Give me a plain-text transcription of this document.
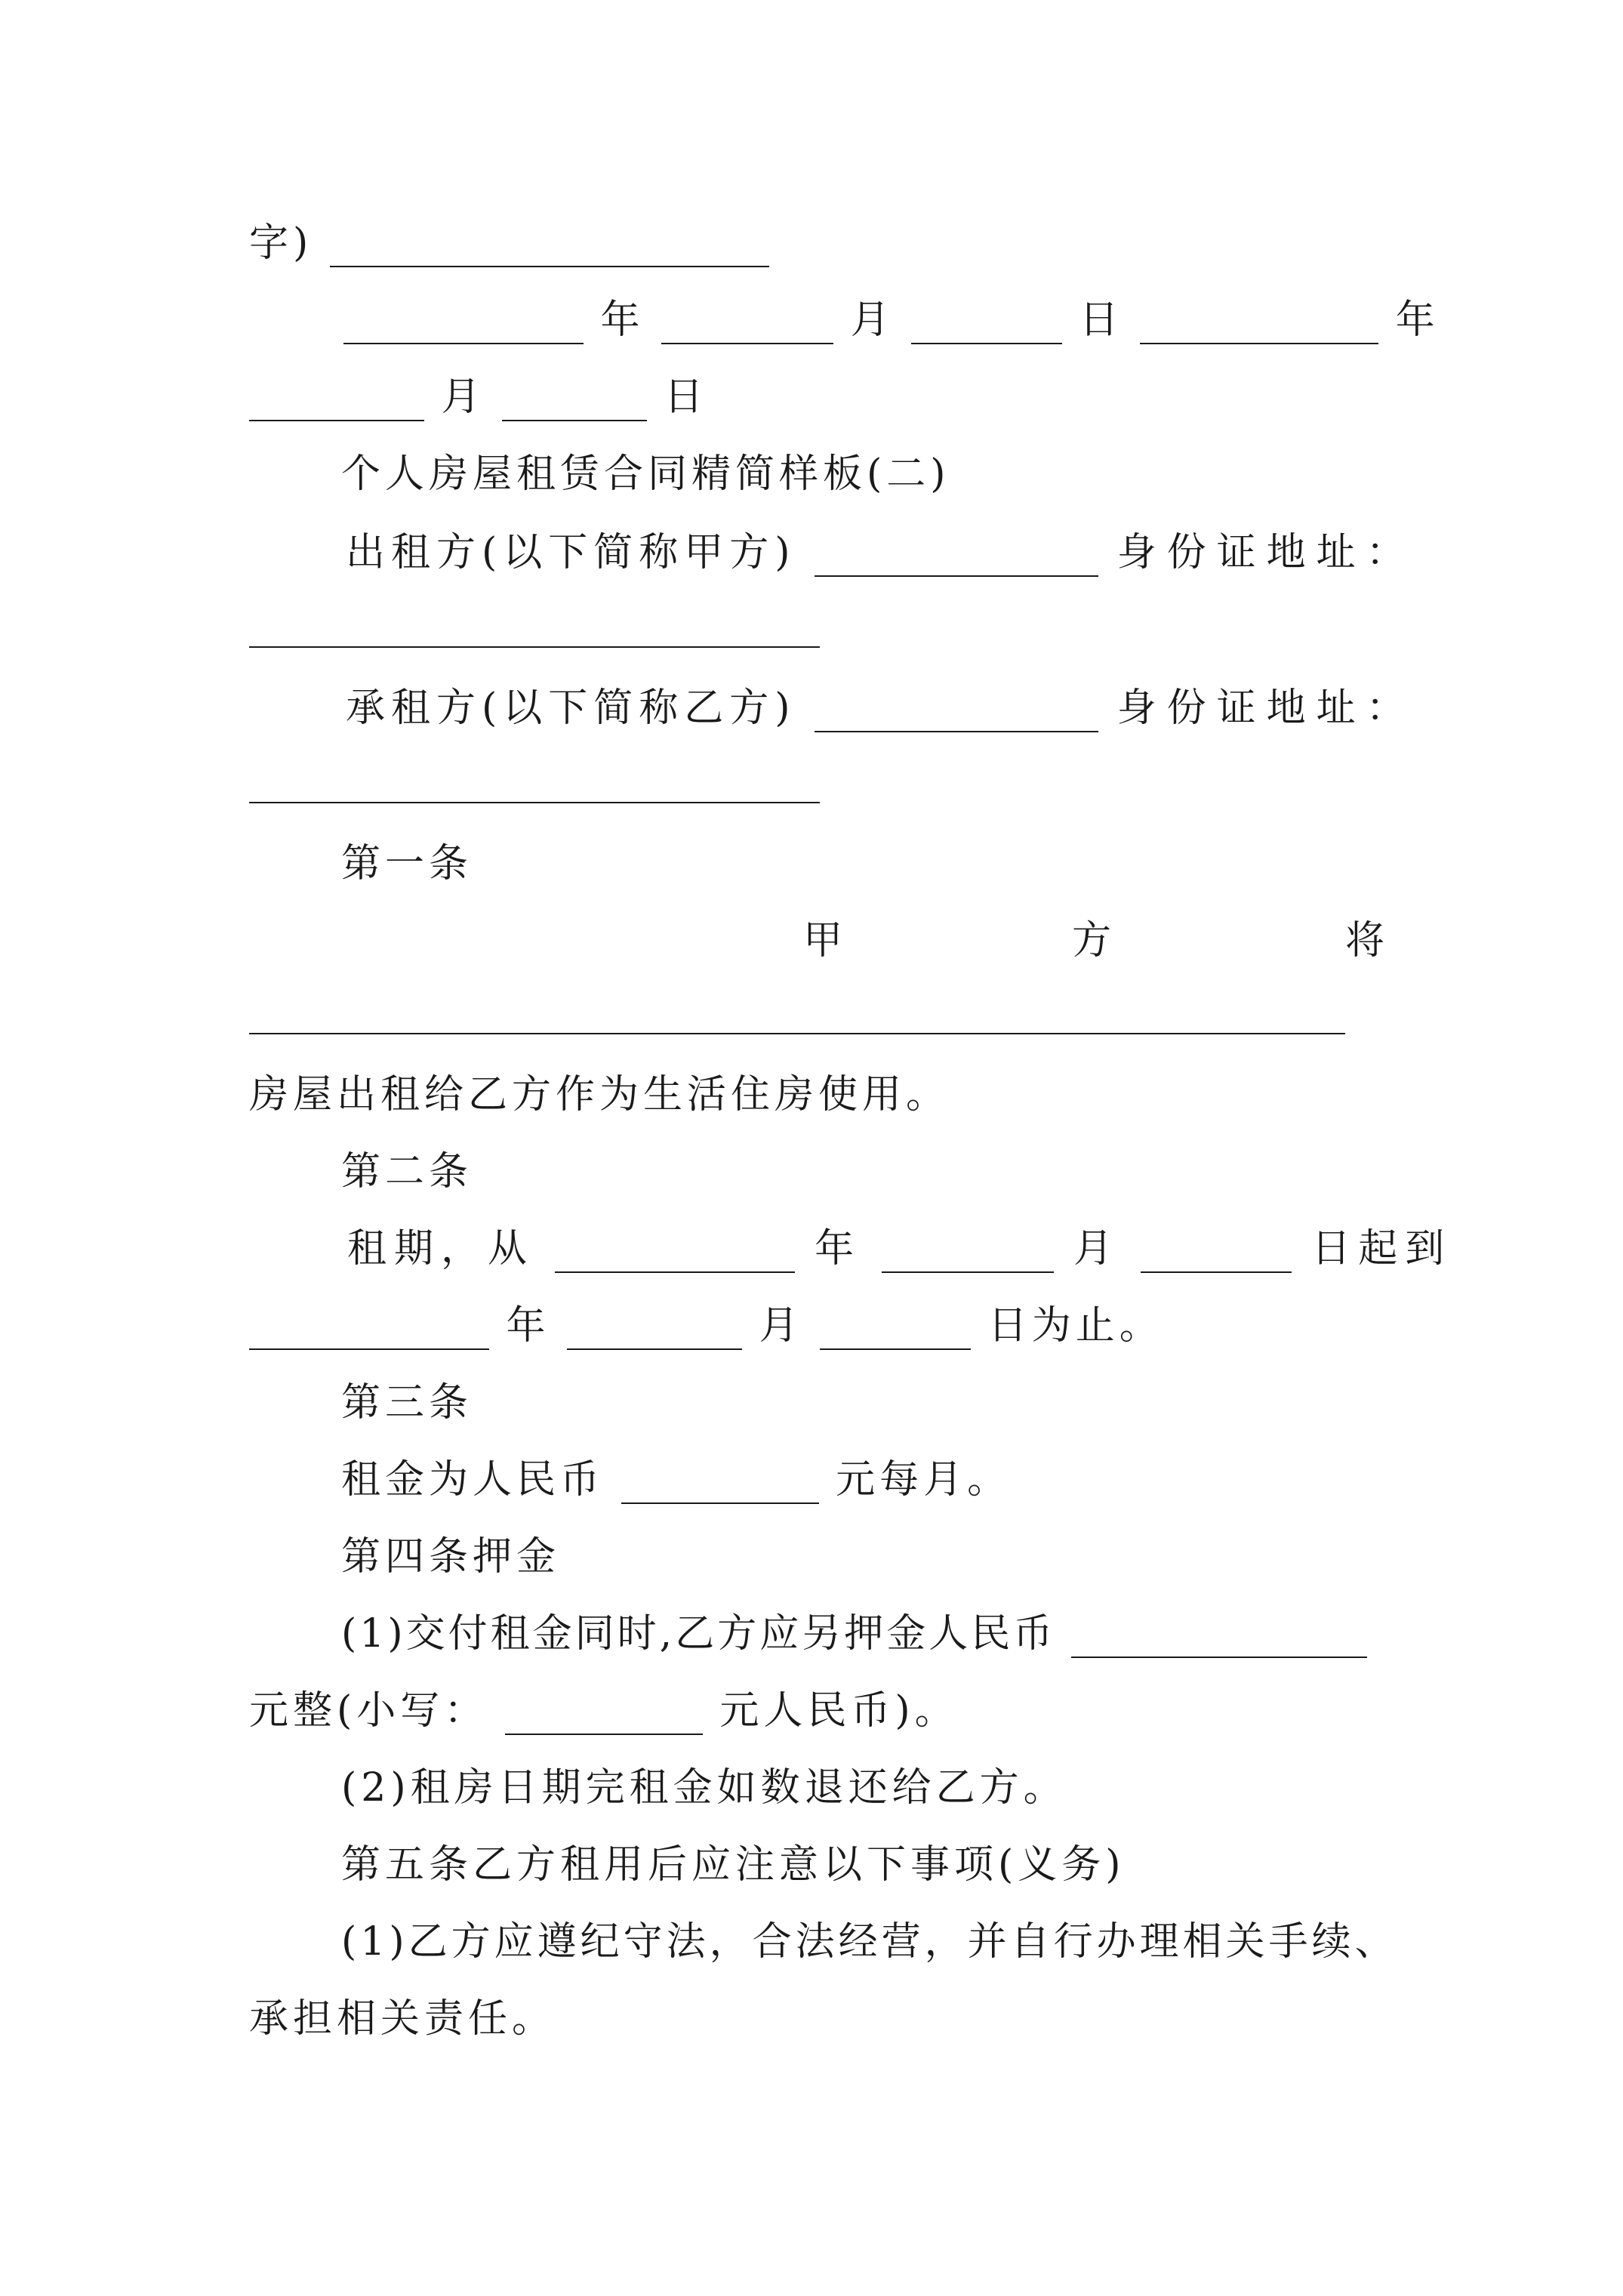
字)
年	月	日	年
月	日
个人房屋租赁合同精简样板(二)
出租方(以下简称甲方)	身份证地址：
承租方(以下简称乙方)	身份证地址：
第一条
甲	方	将
房屋出租给乙方作为生活住房使用。
第二条
租期，从	年	月	日起到
年	月	日为止。
第三条
租金为人民币	元每月。
第四条押金
(1)交付租金同时,乙方应另押金人民币
元整(小写：	元人民币)。
(2)租房日期完租金如数退还给乙方。
第五条乙方租用后应注意以下事项(义务)
(1)乙方应遵纪守法，合法经营，并自行办理相关手续、
承担相关责任。
